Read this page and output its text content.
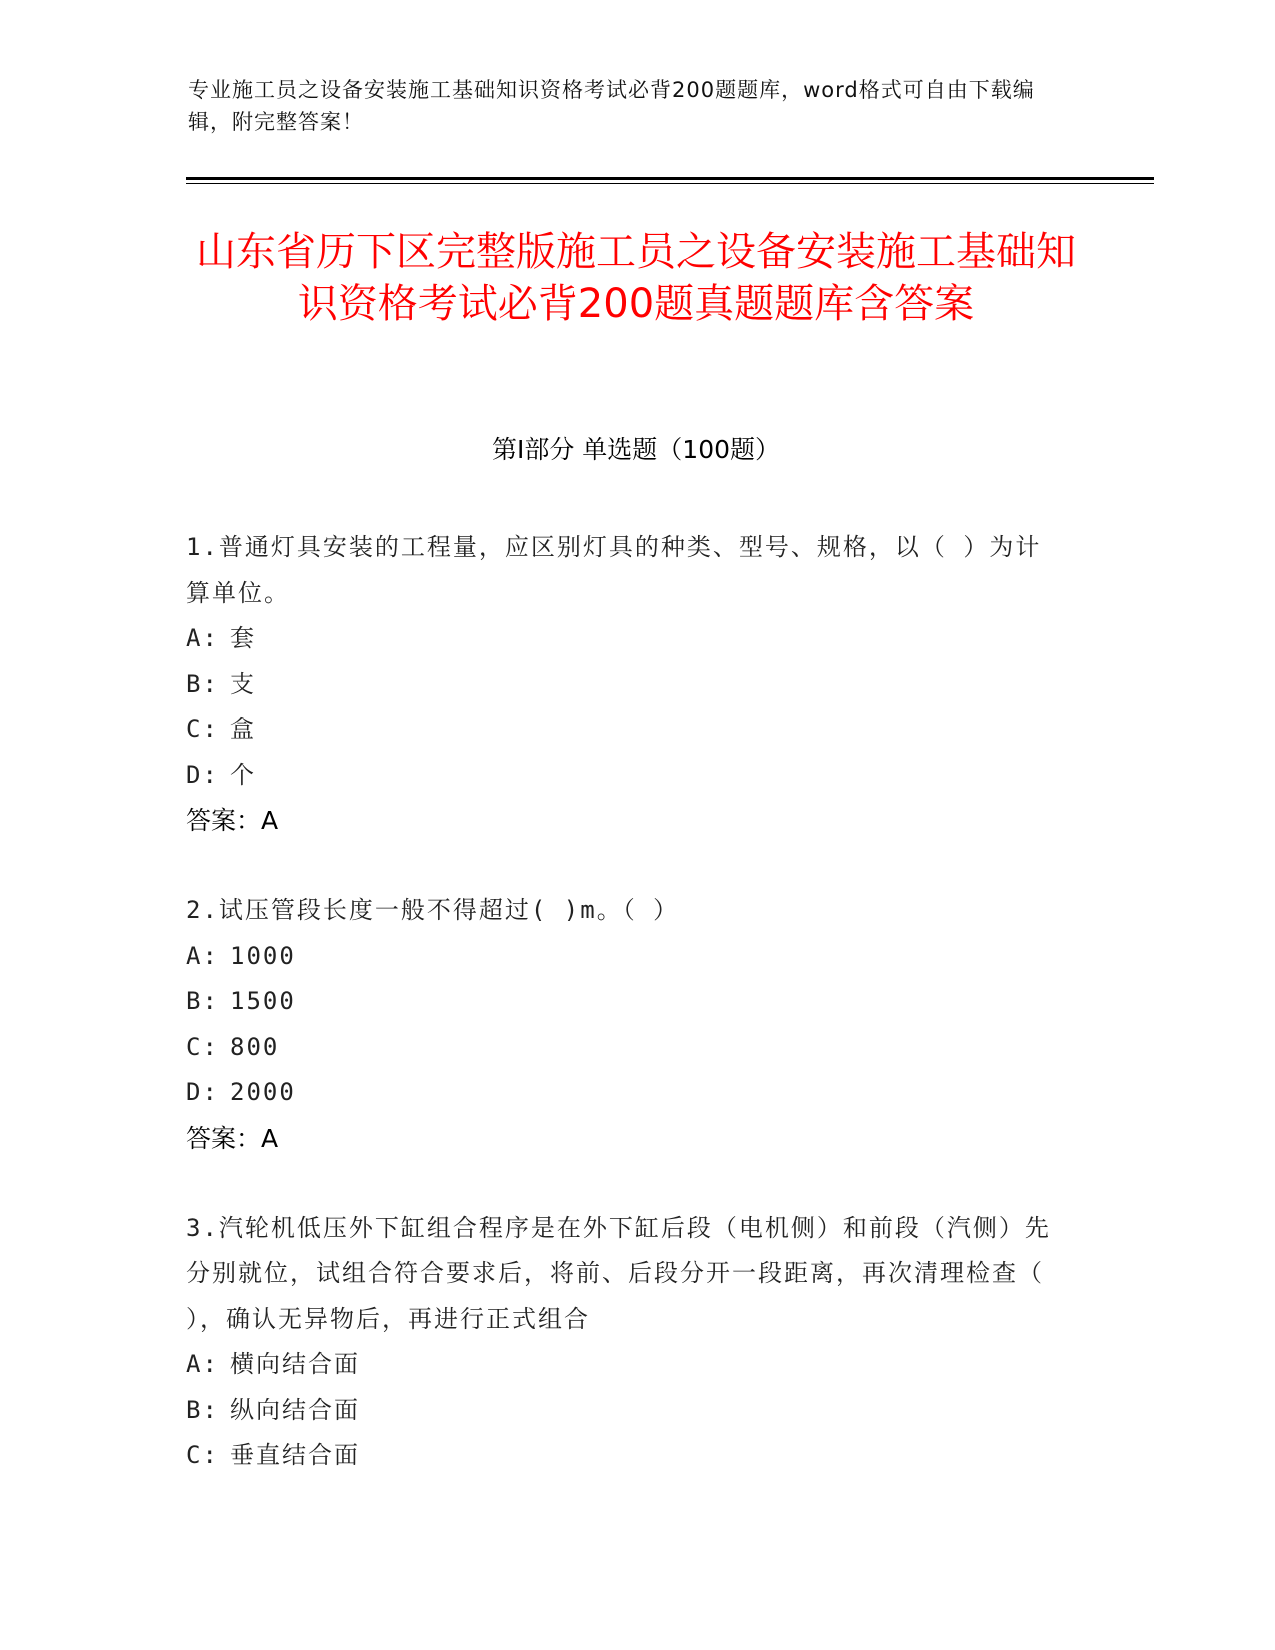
专业施工员之设备安装施工基础知识资格考试必背200题题库，word格式可自由下载编辑，附完整答案！
山东省历下区完整版施工员之设备安装施工基础知识资格考试必背200题真题题库含答案
第Ⅰ部分 单选题（100题）
1.普通灯具安装的工程量，应区别灯具的种类、型号、规格，以（ ）为计算单位。
A: 套
B: 支
C: 盒
D: 个
答案：A
2.试压管段长度一般不得超过( )m。（ ）
A: 1000
B: 1500
C: 800
D: 2000
答案：A
3.汽轮机低压外下缸组合程序是在外下缸后段（电机侧）和前段（汽侧）先分别就位，试组合符合要求后，将前、后段分开一段距离，再次清理检查（ ），确认无异物后，再进行正式组合
A: 横向结合面
B: 纵向结合面
C: 垂直结合面
